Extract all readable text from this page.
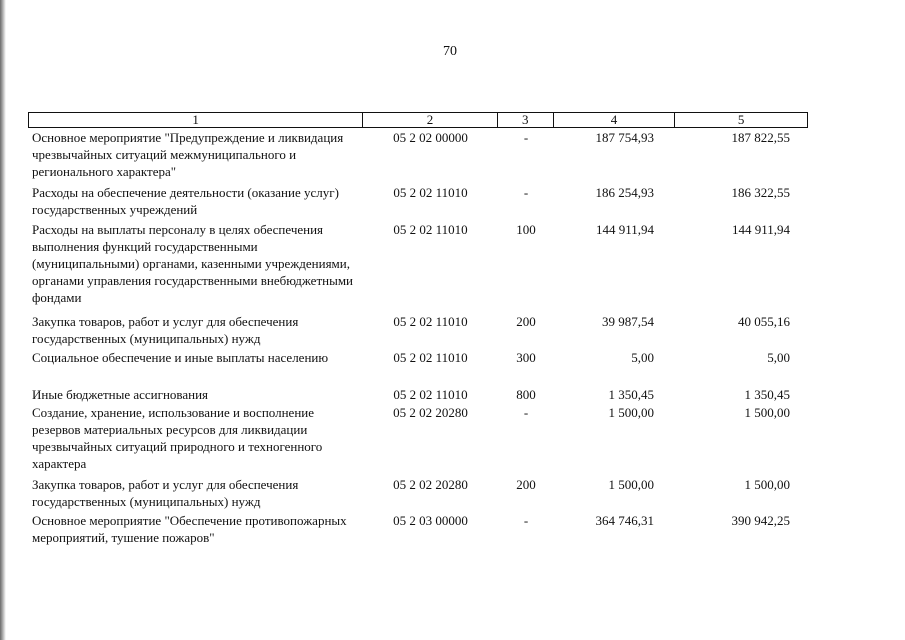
70
1	2	3	4	5
Основное мероприятие "Предупреждение и ликвидация чрезвычайных ситуаций межмуниципального и регионального характера"
05 2 02 00000	-	187 754,93	187 822,55
Расходы на обеспечение деятельности (оказание услуг) государственных учреждений
05 2 02 11010	-	186 254,93	186 322,55
Расходы на выплаты персоналу в целях обеспечения выполнения функций государственными (муниципальными) органами, казенными учреждениями, органами управления государственными внебюджетными фондами
05 2 02 11010	100	144 911,94	144 911,94
Закупка товаров, работ и услуг для обеспечения государственных (муниципальных) нужд
05 2 02 11010	200	39 987,54	40 055,16
Социальное обеспечение и иные выплаты населению	05 2 02 11010	300	5,00	5,00
Иные бюджетные ассигнования	05 2 02 11010	800	1 350,45	1 350,45
Создание, хранение, использование и восполнение резервов материальных ресурсов для ликвидации чрезвычайных ситуаций природного и техногенного характера
05 2 02 20280	-	1 500,00	1 500,00
Закупка товаров, работ и услуг для обеспечения государственных (муниципальных) нужд
05 2 02 20280	200	1 500,00	1 500,00
Основное мероприятие "Обеспечение противопожарных мероприятий, тушение пожаров"
05 2 03 00000	-	364 746,31	390 942,25
